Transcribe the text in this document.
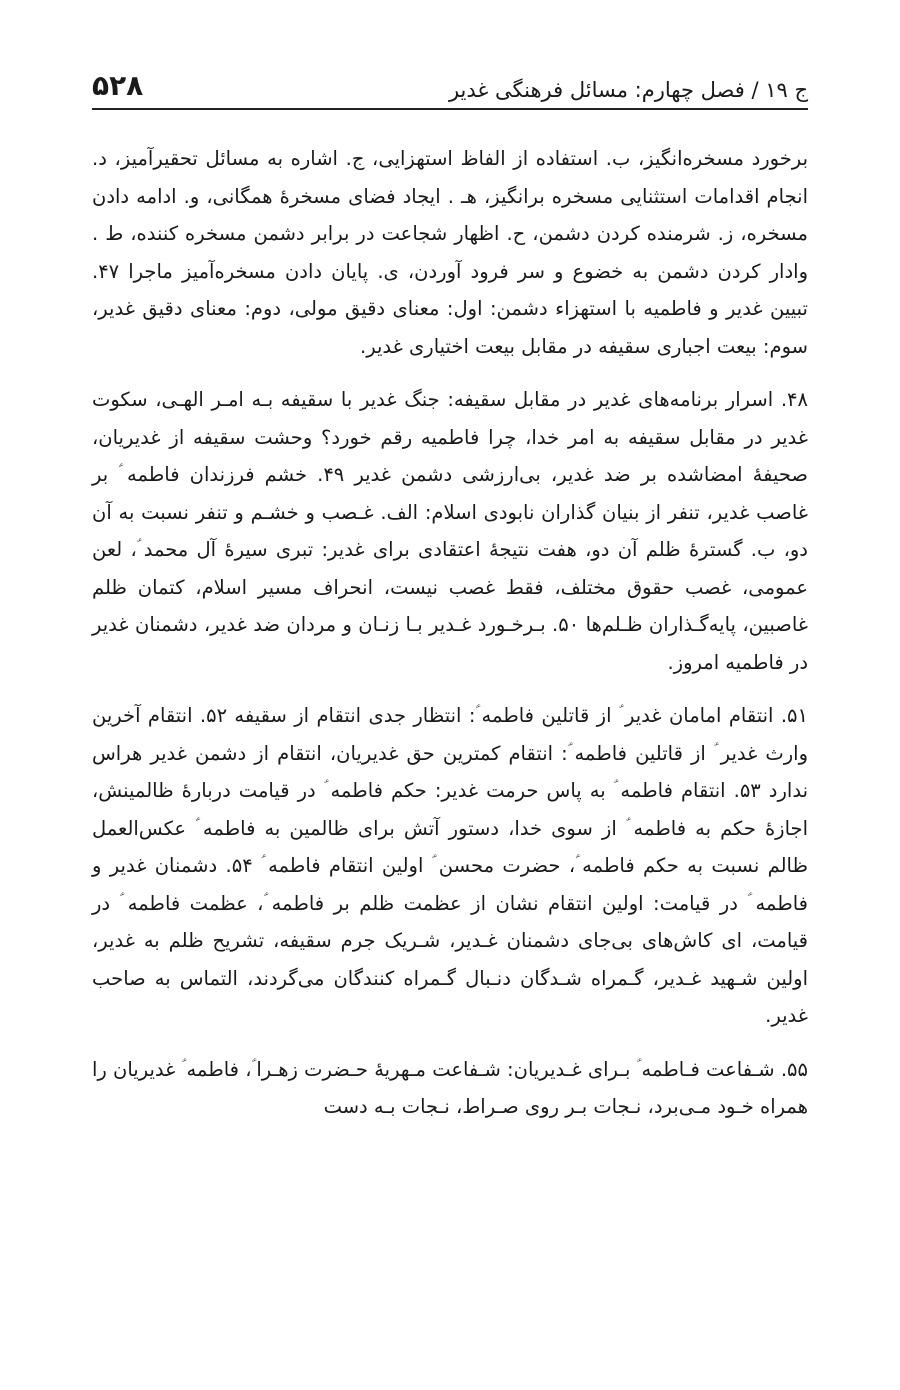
۵۲۸	ج ۱۹ / فصل چهارم: مسائل فرهنگی غدیر

برخورد مسخره‌انگیز، ب. استفاده از الفاظ استهزایی، ج. اشاره به مسائل تحقیرآمیز، د. انجام اقدامات استثنایی مسخره برانگیز، هـ . ایجاد فضای مسخرۀ همگانی، و. ادامه دادن مسخره، ز. شرمنده کردن دشمن، ح. اظهار شجاعت در برابر دشمن مسخره کننده، ط . وادار کردن دشمن به خضوع و سر فرود آوردن، ی. پایان دادن مسخره‌آمیز ماجرا ۴۷. تبیین غدیر و فاطمیه با استهزاء دشمن: اول: معنای دقیق مولی، دوم: معنای دقیق غدیر، سوم: بیعت اجباری سقیفه در مقابل بیعت اختیاری غدیر.

۴۸. اسرار برنامه‌های غدیر در مقابل سقیفه: جنگ غدیر با سقیفه بـه امـر الهـی، سکوت غدیر در مقابل سقیفه به امر خدا، چرا فاطمیه رقم خورد؟ وحشت سقیفه از غدیریان، صحیفۀ امضاشده بر ضد غدیر، بی‌ارزشی دشمن غدیر ۴۹. خشم فرزندان فاطمه ؑ بر غاصب غدیر، تنفر از بنیان گذاران نابودی اسلام: الف. غـصب و خشـم و تنفر نسبت به آن دو، ب. گسترۀ ظلم آن دو، هفت نتیجۀ اعتقادی برای غدیر: تبری سیرۀ آل محمد ؑ، لعن عمومی، غصب حقوق مختلف، فقط غصب نیست، انحراف مسیر اسلام، کتمان ظلم غاصبین، پایه‌گـذاران ظـلم‌ها ۵۰. بـرخـورد غـدیر بـا زنـان و مردان ضد غدیر، دشمنان غدیر در فاطمیه امروز.

۵۱. انتقام امامان غدیر ؑ از قاتلین فاطمه ؑ: انتظار جدی انتقام از سقیفه ۵۲. انتقام آخرین وارث غدیر ؑ از قاتلین فاطمه ؑ: انتقام کمترین حق غدیریان، انتقام از دشمن غدیر هراس ندارد ۵۳. انتقام فاطمه ؑ به پاس حرمت غدیر: حکم فاطمه ؑ در قیامت دربارۀ ظالمینش، اجازۀ حکم به فاطمه ؑ از سوی خدا، دستور آتش برای ظالمین به فاطمه ؑ عکس‌العمل ظالم نسبت به حکم فاطمه ؑ، حضرت محسن ؑ اولین انتقام فاطمه ؑ ۵۴. دشمنان غدیر و فاطمه ؑ در قیامت: اولین انتقام نشان از عظمت ظلم بر فاطمه ؑ، عظمت فاطمه ؑ در قیامت، ای کاش‌های بی‌جای دشمنان غـدیر، شـریک جرم سقیفه، تشریح ظلم به غدیر، اولین شـهید غـدیر، گـمراه شـدگان دنـبال گـمراه کنندگان می‌گردند، التماس به صاحب غدیر.

۵۵. شـفاعت فـاطمه ؑ بـرای غـدیریان: شـفاعت مـهریۀ حـضرت زهـرا ؑ، فاطمه ؑ غدیریان را همراه خـود مـی‌برد، نـجات بـر روی صـراط، نـجات بـه دست
